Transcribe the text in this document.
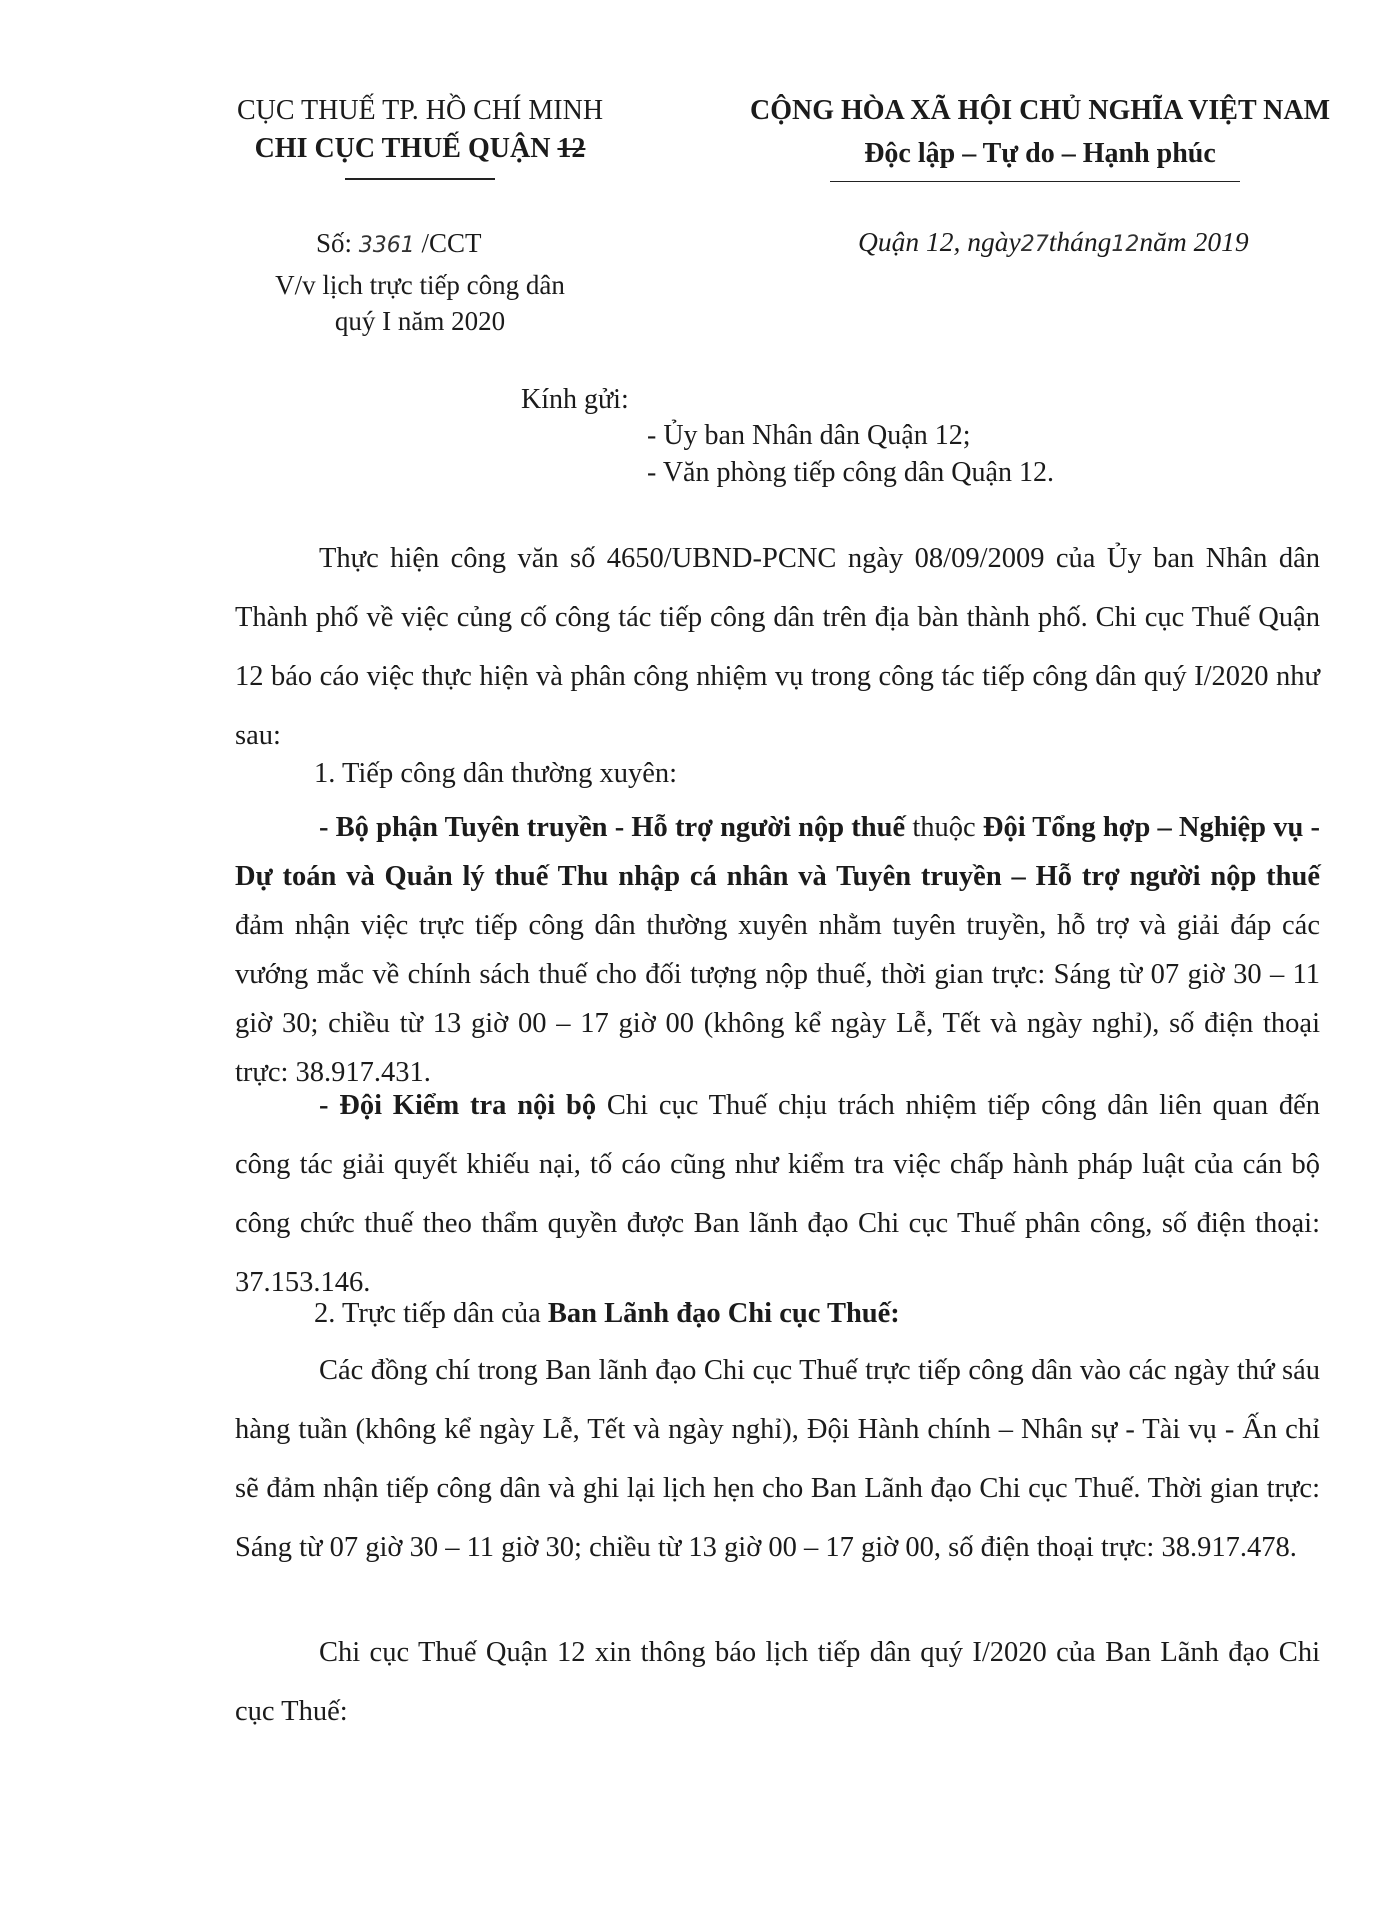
CỤC THUẾ TP. HỒ CHÍ MINH
CHI CỤC THUẾ QUẬN 12
Số: 3361 /CCT
V/v lịch trực tiếp công dân
quý I năm 2020
CỘNG HÒA XÃ HỘI CHỦ NGHĨA VIỆT NAM
Độc lập – Tự do – Hạnh phúc
Quận 12, ngày27tháng12năm 2019
Kính gửi:
- Ủy ban Nhân dân Quận 12;
- Văn phòng tiếp công dân Quận 12.
Thực hiện công văn số 4650/UBND-PCNC ngày 08/09/2009 của Ủy ban Nhân dân Thành phố về việc củng cố công tác tiếp công dân trên địa bàn thành phố. Chi cục Thuế Quận 12 báo cáo việc thực hiện và phân công nhiệm vụ trong công tác tiếp công dân quý I/2020 như sau:
1. Tiếp công dân thường xuyên:
- Bộ phận Tuyên truyền - Hỗ trợ người nộp thuế thuộc Đội Tổng hợp – Nghiệp vụ - Dự toán và Quản lý thuế Thu nhập cá nhân và Tuyên truyền – Hỗ trợ người nộp thuế đảm nhận việc trực tiếp công dân thường xuyên nhằm tuyên truyền, hỗ trợ và giải đáp các vướng mắc về chính sách thuế cho đối tượng nộp thuế, thời gian trực: Sáng từ 07 giờ 30 – 11 giờ 30; chiều từ 13 giờ 00 – 17 giờ 00 (không kể ngày Lễ, Tết và ngày nghỉ), số điện thoại trực: 38.917.431.
- Đội Kiểm tra nội bộ Chi cục Thuế chịu trách nhiệm tiếp công dân liên quan đến công tác giải quyết khiếu nại, tố cáo cũng như kiểm tra việc chấp hành pháp luật của cán bộ công chức thuế theo thẩm quyền được Ban lãnh đạo Chi cục Thuế phân công, số điện thoại: 37.153.146.
2. Trực tiếp dân của Ban Lãnh đạo Chi cục Thuế:
Các đồng chí trong Ban lãnh đạo Chi cục Thuế trực tiếp công dân vào các ngày thứ sáu hàng tuần (không kể ngày Lễ, Tết và ngày nghỉ), Đội Hành chính – Nhân sự - Tài vụ - Ấn chỉ sẽ đảm nhận tiếp công dân và ghi lại lịch hẹn cho Ban Lãnh đạo Chi cục Thuế. Thời gian trực: Sáng từ 07 giờ 30 – 11 giờ 30; chiều từ 13 giờ 00 – 17 giờ 00, số điện thoại trực: 38.917.478.
Chi cục Thuế Quận 12 xin thông báo lịch tiếp dân quý I/2020 của Ban Lãnh đạo Chi cục Thuế:
